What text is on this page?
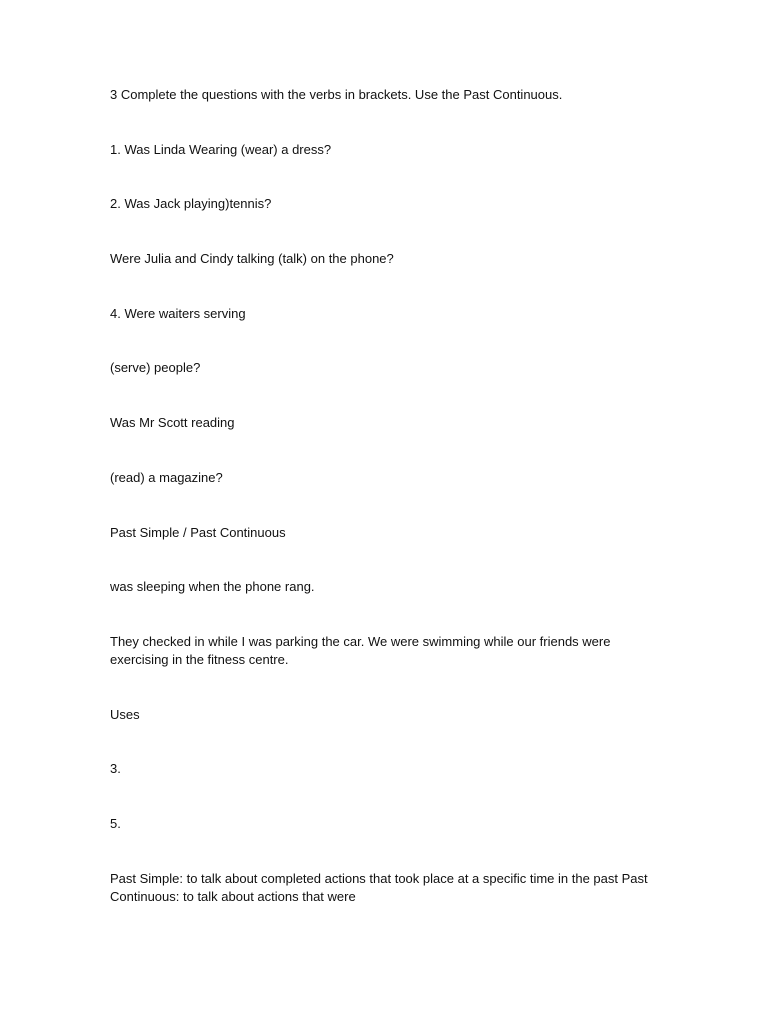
3 Complete the questions with the verbs in brackets. Use the Past Continuous.
1. Was Linda Wearing (wear) a dress?
2. Was Jack playing)tennis?
Were Julia and Cindy talking (talk) on the phone?
4. Were waiters serving
(serve) people?
Was Mr Scott reading
(read) a magazine?
Past Simple / Past Continuous
was sleeping when the phone rang.
They checked in while I was parking the car. We were swimming while our friends were exercising in the fitness centre.
Uses
3.
5.
Past Simple: to talk about completed actions that took place at a specific time in the past Past Continuous: to talk about actions that were
